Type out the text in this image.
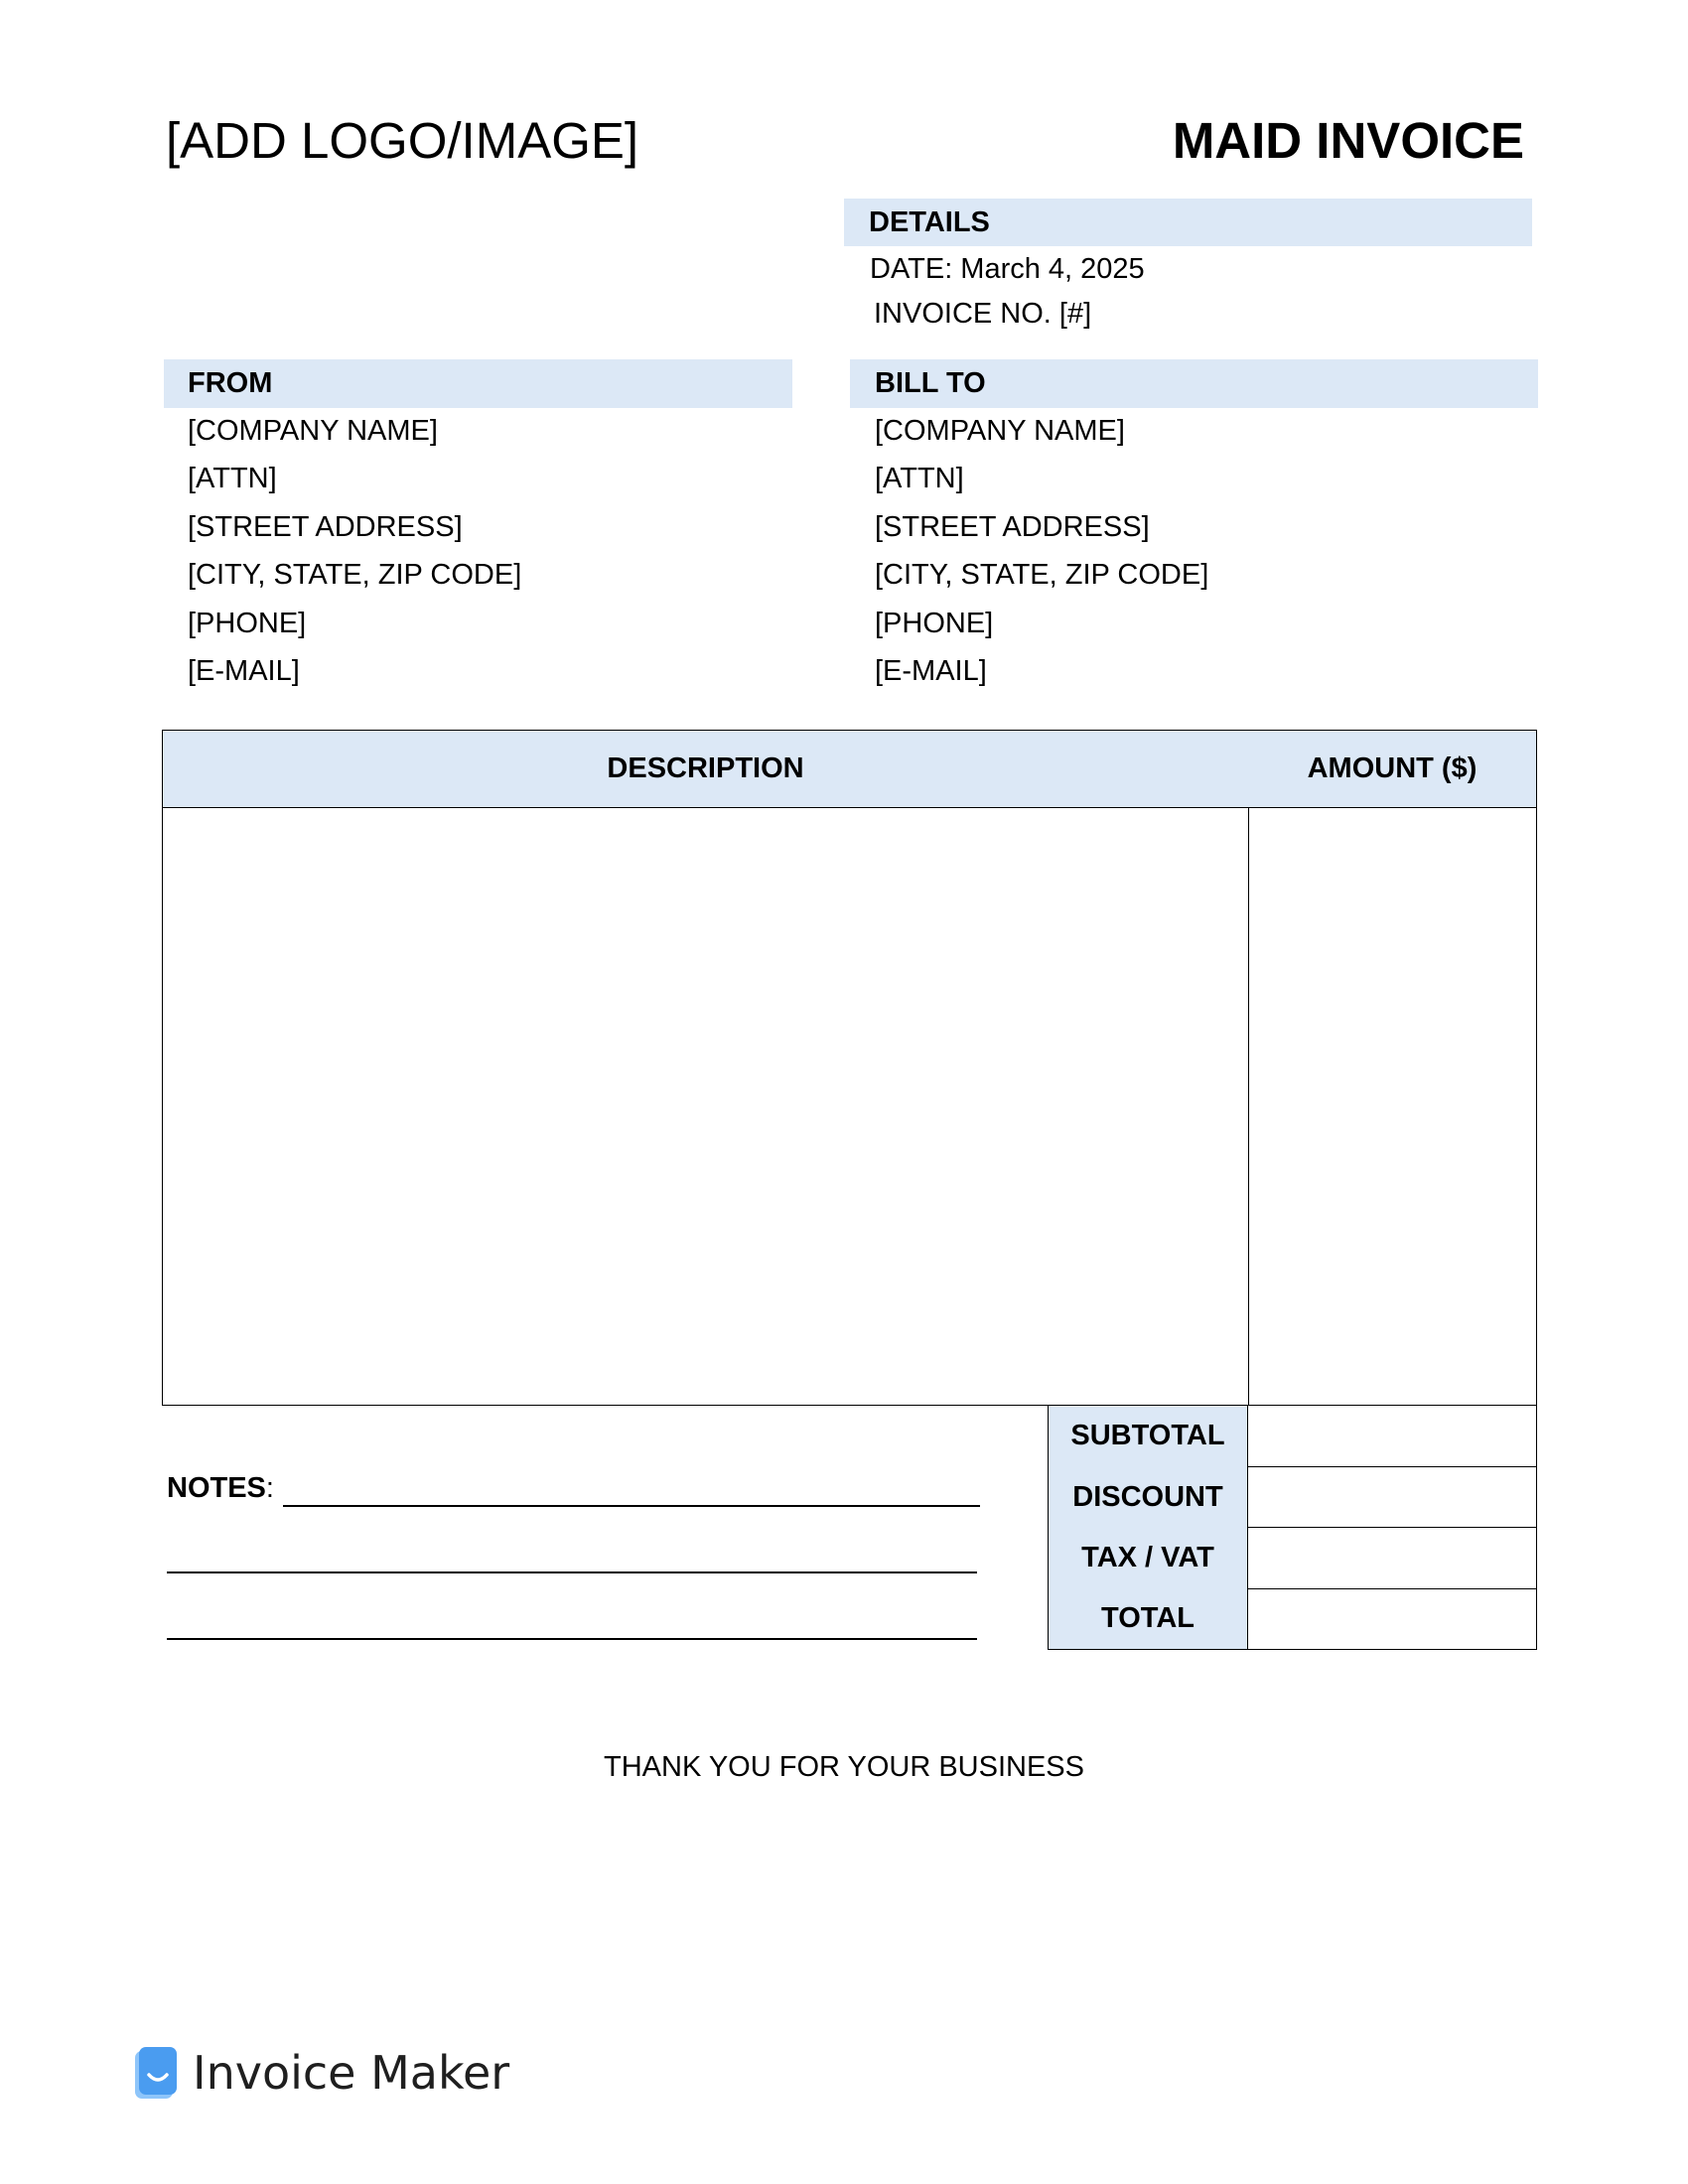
[ADD LOGO/IMAGE]	MAID INVOICE
DETAILS
DATE: March 4, 2025
INVOICE NO. [#]
FROM
[COMPANY NAME]
[ATTN]
[STREET ADDRESS]
[CITY, STATE, ZIP CODE]
[PHONE]
[E-MAIL]
BILL TO
[COMPANY NAME]
[ATTN]
[STREET ADDRESS]
[CITY, STATE, ZIP CODE]
[PHONE]
[E-MAIL]
DESCRIPTION	AMOUNT ($)
NOTES:
SUBTOTAL
DISCOUNT
TAX / VAT
TOTAL
THANK YOU FOR YOUR BUSINESS
Invoice Maker
